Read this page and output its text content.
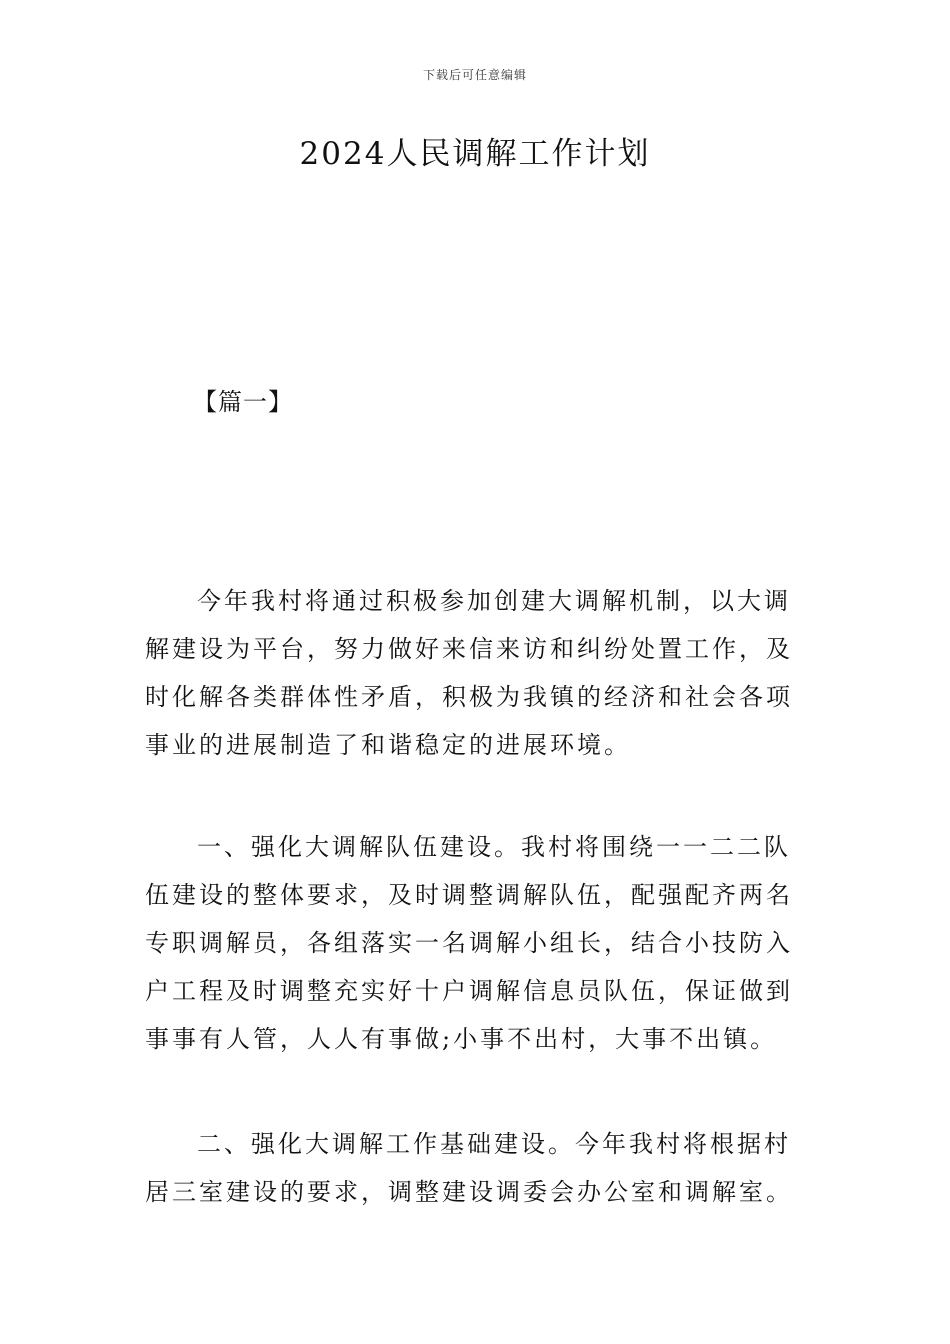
下载后可任意编辑
2024人民调解工作计划
【篇一】

今年我村将通过积极参加创建大调解机制，以大调解建设为平台，努力做好来信来访和纠纷处置工作，及时化解各类群体性矛盾，积极为我镇的经济和社会各项事业的进展制造了和谐稳定的进展环境。

一、强化大调解队伍建设。我村将围绕一一二二队伍建设的整体要求，及时调整调解队伍，配强配齐两名专职调解员，各组落实一名调解小组长，结合小技防入户工程及时调整充实好十户调解信息员队伍，保证做到事事有人管，人人有事做;小事不出村，大事不出镇。

二、强化大调解工作基础建设。今年我村将根据村居三室建设的要求，调整建设调委会办公室和调解室。
